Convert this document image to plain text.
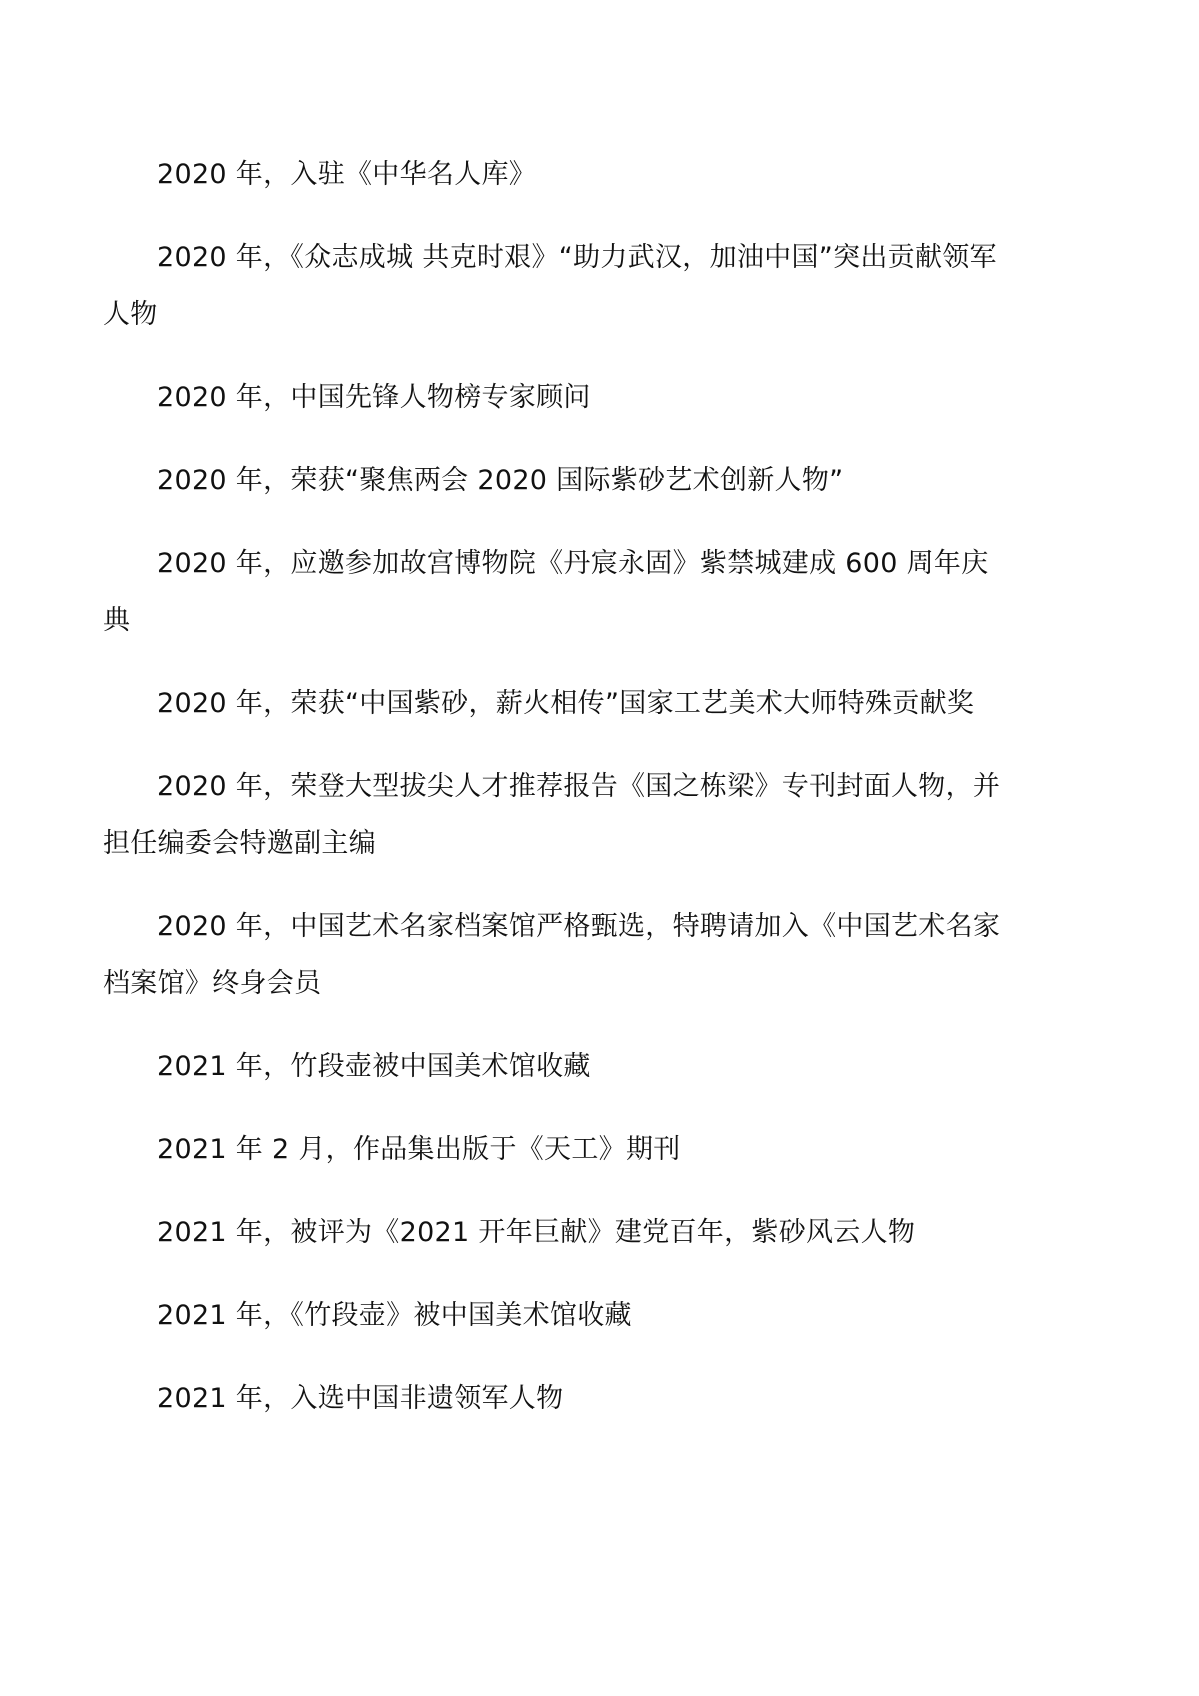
2020 年，入驻《中华名人库》

2020 年，《众志成城 共克时艰》“助力武汉，加油中国”突出贡献领军人物

2020 年，中国先锋人物榜专家顾问

2020 年，荣获“聚焦两会 2020 国际紫砂艺术创新人物”

2020 年，应邀参加故宫博物院《丹宸永固》紫禁城建成 600 周年庆典

2020 年，荣获“中国紫砂，薪火相传”国家工艺美术大师特殊贡献奖

2020 年，荣登大型拔尖人才推荐报告《国之栋梁》专刊封面人物，并担任编委会特邀副主编

2020 年，中国艺术名家档案馆严格甄选，特聘请加入《中国艺术名家档案馆》终身会员

2021 年，竹段壶被中国美术馆收藏

2021 年 2 月，作品集出版于《天工》期刊

2021 年，被评为《2021 开年巨献》建党百年，紫砂风云人物

2021 年，《竹段壶》被中国美术馆收藏

2021 年，入选中国非遗领军人物
